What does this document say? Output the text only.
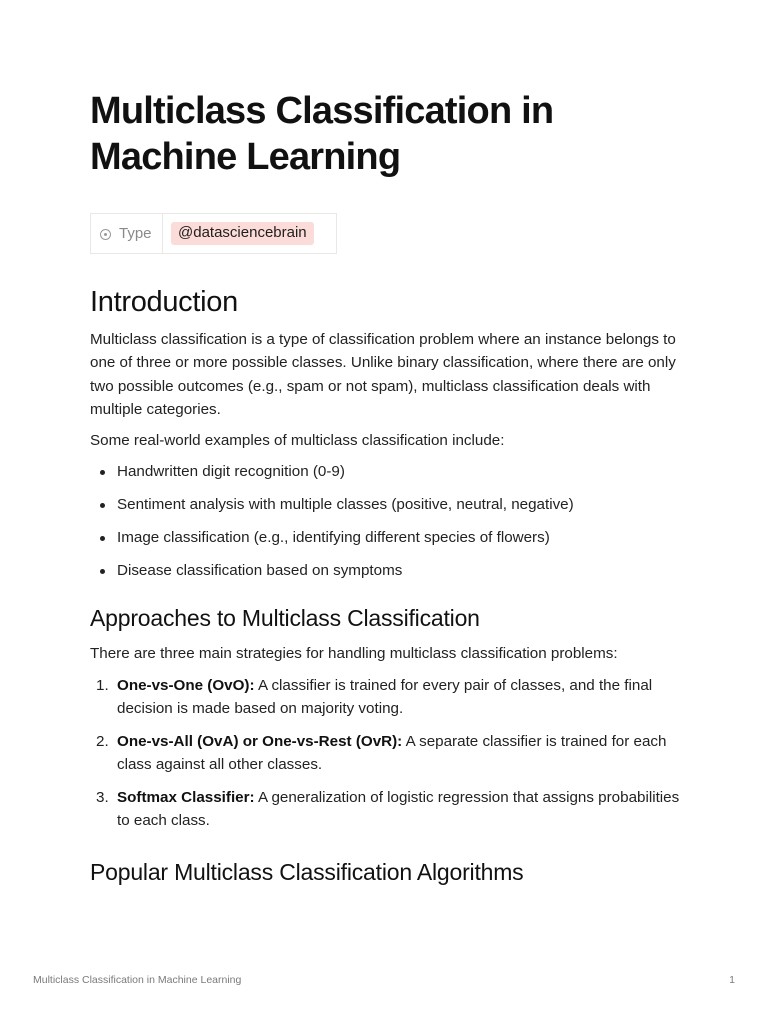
Multiclass Classification in Machine Learning
Type	@datasciencebrain
Introduction

Multiclass classification is a type of classification problem where an instance belongs to one of three or more possible classes. Unlike binary classification, where there are only two possible outcomes (e.g., spam or not spam), multiclass classification deals with multiple categories.

Some real-world examples of multiclass classification include:

Handwritten digit recognition (0-9)
Sentiment analysis with multiple classes (positive, neutral, negative)
Image classification (e.g., identifying different species of flowers)
Disease classification based on symptoms
Approaches to Multiclass Classification

There are three main strategies for handling multiclass classification problems:

1. One-vs-One (OvO): A classifier is trained for every pair of classes, and the final decision is made based on majority voting.
2. One-vs-All (OvA) or One-vs-Rest (OvR): A separate classifier is trained for each class against all other classes.
3. Softmax Classifier: A generalization of logistic regression that assigns probabilities to each class.
Popular Multiclass Classification Algorithms
Multiclass Classification in Machine Learning	1
